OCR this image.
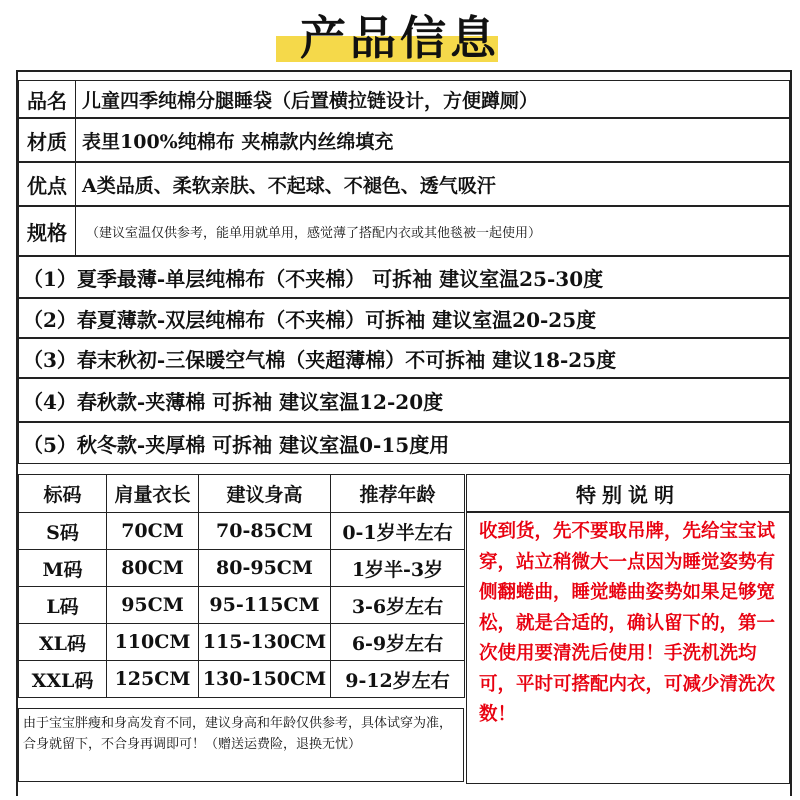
产品信息
品名 儿童四季纯棉分腿睡袋（后置横拉链设计，方便蹲厕）
材质 表里100%纯棉布 夹棉款内丝绵填充
优点 A类品质、柔软亲肤、不起球、不褪色、透气吸汗
规格	（建议室温仅供参考，能单用就单用，感觉薄了搭配内衣或其他毯被一起使用）
（1）夏季最薄-单层纯棉布（不夹棉） 可拆袖 建议室温25-30度
（2）春夏薄款-双层纯棉布（不夹棉）可拆袖 建议室温20-25度
（3）春末秋初-三保暖空气棉（夹超薄棉）不可拆袖 建议18-25度
（4）春秋款-夹薄棉 可拆袖 建议室温12-20度
（5）秋冬款-夹厚棉 可拆袖 建议室温0-15度用
标码	肩量衣长	建议身高	推荐年龄
S码	70CM	70-85CM	0-1岁半左右
M码	80CM	80-95CM	1岁半-3岁
L码	95CM	95-115CM	3-6岁左右
XL码	110CM	115-130CM	6-9岁左右
XXL码	125CM	130-150CM	9-12岁左右
由于宝宝胖瘦和身高发育不同，建议身高和年龄仅供参考，具体试穿为准，合身就留下，不合身再调即可！（赠送运费险，退换无忧）
特别说明
收到货，先不要取吊牌，先给宝宝试穿，站立稍微大一点因为睡觉姿势有侧翻蜷曲，睡觉蜷曲姿势如果足够宽松，就是合适的，确认留下的，第一次使用要清洗后使用！手洗机洗均可，平时可搭配内衣，可减少清洗次数！
